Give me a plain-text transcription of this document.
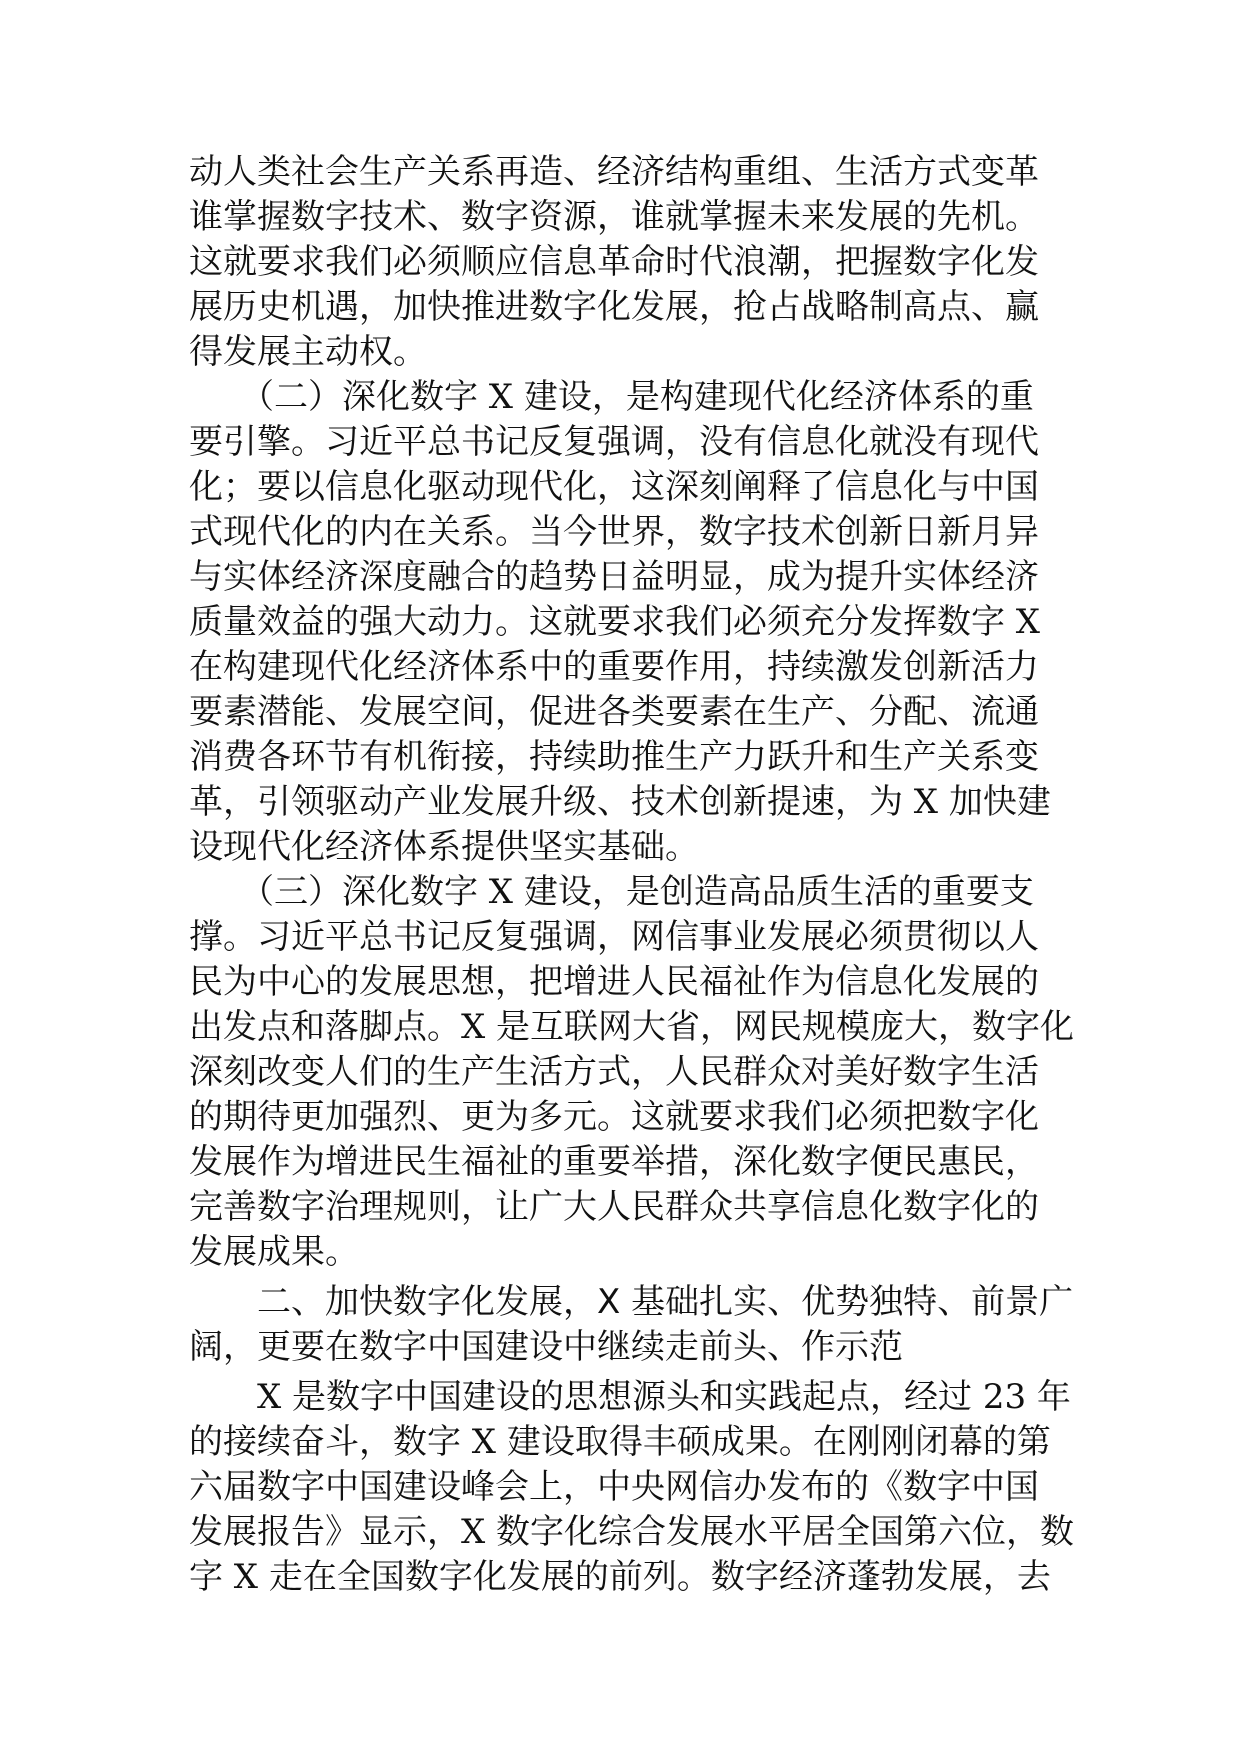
动人类社会生产关系再造、经济结构重组、生活方式变革
谁掌握数字技术、数字资源，谁就掌握未来发展的先机。
这就要求我们必须顺应信息革命时代浪潮，把握数字化发
展历史机遇，加快推进数字化发展，抢占战略制高点、赢
得发展主动权。
　　（二）深化数字 X 建设，是构建现代化经济体系的重
要引擎。习近平总书记反复强调，没有信息化就没有现代
化；要以信息化驱动现代化，这深刻阐释了信息化与中国
式现代化的内在关系。当今世界，数字技术创新日新月异
与实体经济深度融合的趋势日益明显，成为提升实体经济
质量效益的强大动力。这就要求我们必须充分发挥数字 X
在构建现代化经济体系中的重要作用，持续激发创新活力
要素潜能、发展空间，促进各类要素在生产、分配、流通
消费各环节有机衔接，持续助推生产力跃升和生产关系变
革，引领驱动产业发展升级、技术创新提速，为 X 加快建
设现代化经济体系提供坚实基础。
　　（三）深化数字 X 建设，是创造高品质生活的重要支
撑。习近平总书记反复强调，网信事业发展必须贯彻以人
民为中心的发展思想，把增进人民福祉作为信息化发展的
出发点和落脚点。X 是互联网大省，网民规模庞大，数字化
深刻改变人们的生产生活方式，人民群众对美好数字生活
的期待更加强烈、更为多元。这就要求我们必须把数字化
发展作为增进民生福祉的重要举措，深化数字便民惠民，
完善数字治理规则，让广大人民群众共享信息化数字化的
发展成果。
　　二、加快数字化发展，X 基础扎实、优势独特、前景广
阔，更要在数字中国建设中继续走前头、作示范
　　X 是数字中国建设的思想源头和实践起点，经过 23 年
的接续奋斗，数字 X 建设取得丰硕成果。在刚刚闭幕的第
六届数字中国建设峰会上，中央网信办发布的《数字中国
发展报告》显示，X 数字化综合发展水平居全国第六位，数
字 X 走在全国数字化发展的前列。数字经济蓬勃发展，去
